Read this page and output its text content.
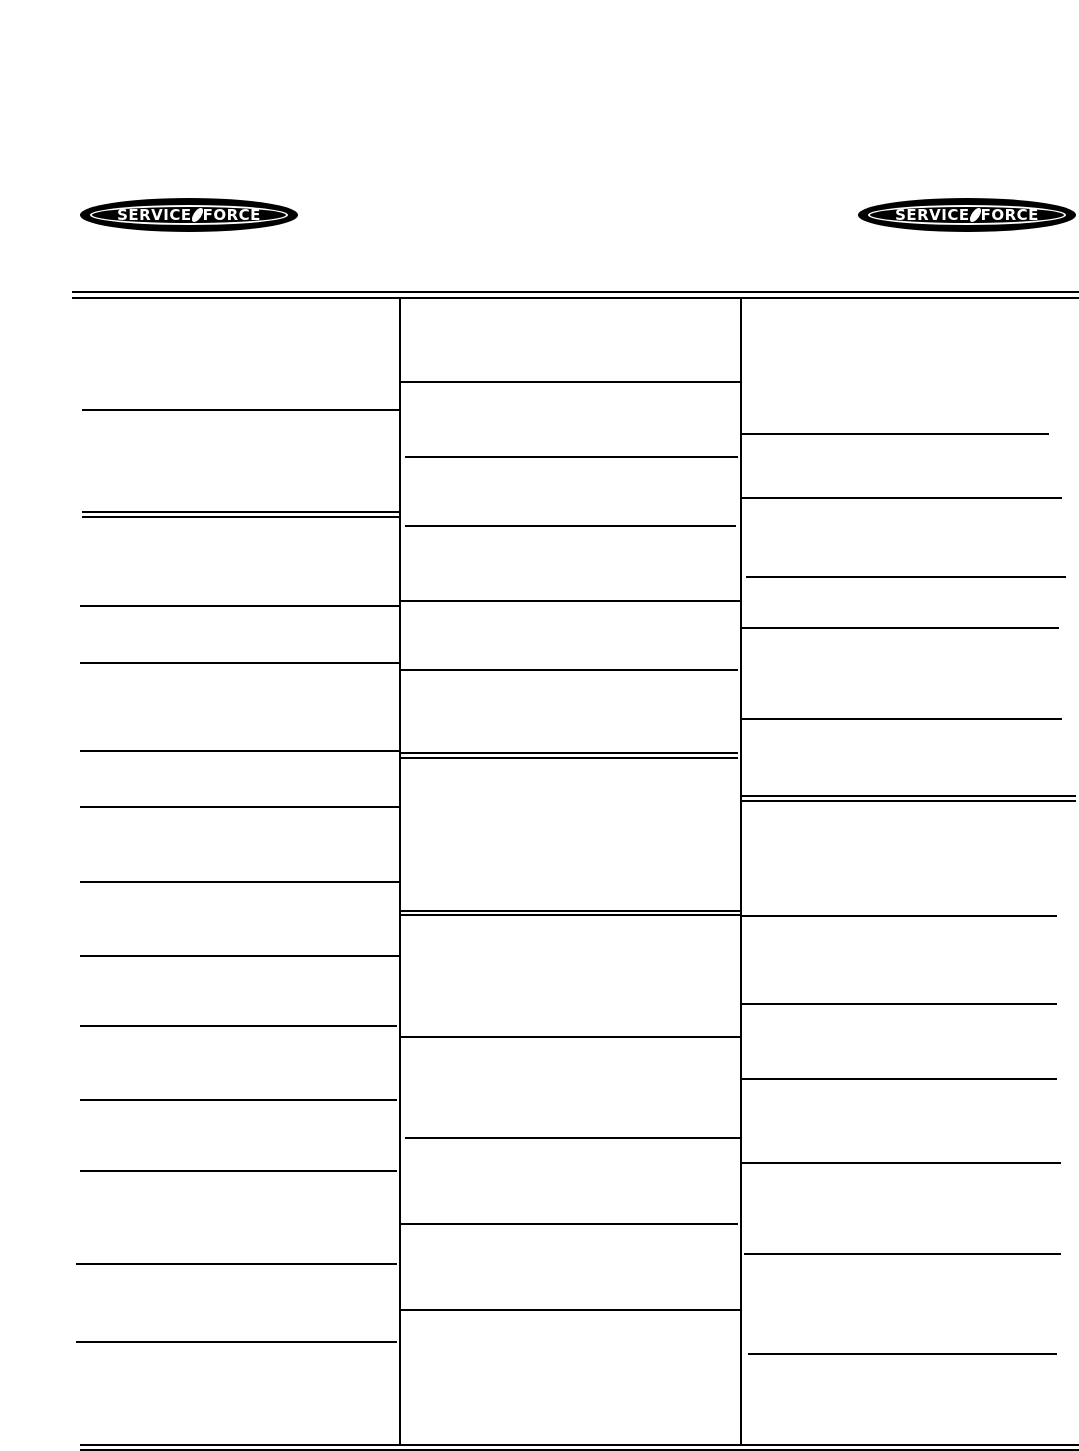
SERVICE FORCE	SERVICE FORCE
